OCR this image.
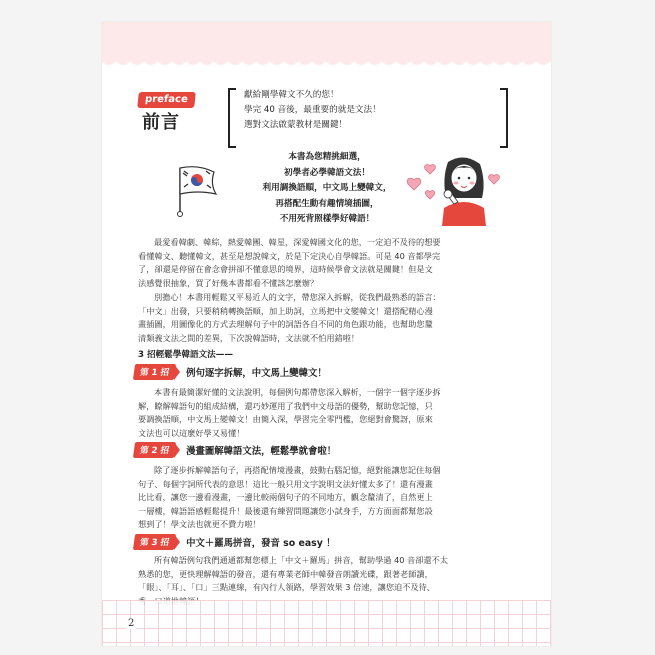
preface
前言
獻給剛學韓文不久的您！
學完 40 音後，最重要的就是文法！
選對文法啟蒙教材是關鍵！
本書為您精挑細選，
初學者必學韓語文法！
利用調換語順，中文馬上變韓文，
再搭配生動有趣情境插圖，
不用死背照樣學好韓語！
最愛看韓劇、韓綜，熱愛韓團、韓星，深愛韓國文化的您，一定迫不及待的想要
看懂韓文、聽懂韓文，甚至是想說韓文，於是下定決心自學韓語。可是 40 音都學完
了，卻還是停留在會念會拼卻不懂意思的境界，這時候學會文法就是關鍵！但是文
法感覺很抽象，買了好幾本書都看不懂該怎麼辦？
別擔心！本書用輕鬆又平易近人的文字，帶您深入拆解，從我們最熟悉的語言：
「中文」出發，只要稍稍轉換語順，加上助詞，立馬把中文變韓文！還搭配精心漫
畫插圖，用圖像化的方式去理解句子中的詞語各自不同的角色跟功能，也幫助您釐
清類義文法之間的差異，下次說韓語時，文法就不怕用錯啦！
3 招輕鬆學韓語文法——
第 1 招	例句逐字拆解，中文馬上變韓文！
本書有最簡潔好懂的文法說明，每個例句都帶您深入解析，一個字一個字逐步拆
解，瞭解韓語句的組成結構，還巧妙運用了我們中文母語的優勢，幫助您記憶，只
要調換語順，中文馬上變韓文！由簡入深，學習完全零門檻，您絕對會驚訝，原來
文法也可以這麼好學又易懂！
第 2 招	漫畫圖解韓語文法，輕鬆學就會啦！
除了逐步拆解韓語句子，再搭配情境漫畫，鼓動右腦記憶，絕對能讓您記住每個
句子、每個字詞所代表的意思！這比一般只用文字說明文法好懂太多了！還有漫畫
比比看，讓您一邊看漫畫，一邊比較兩個句子的不同地方，觀念釐清了，自然更上
一層樓，韓語語感輕鬆提升！最後還有練習問題讓您小試身手，方方面面都幫您設
想到了！學文法也就更不費力啦！
第 3 招	中文＋羅馬拼音，發音 so easy ！
所有韓語例句我們通通都幫您標上「中文＋羅馬」拼音，幫助學過 40 音卻還不太
熟悉的您，更快理解韓語的發音，還有專業老師中韓發音朗讀光碟，跟著老師讀，
「眼」、「耳」、「口」三點連線，有內行人領路，學習效果 3 倍速，讓您迫不及待、
2
